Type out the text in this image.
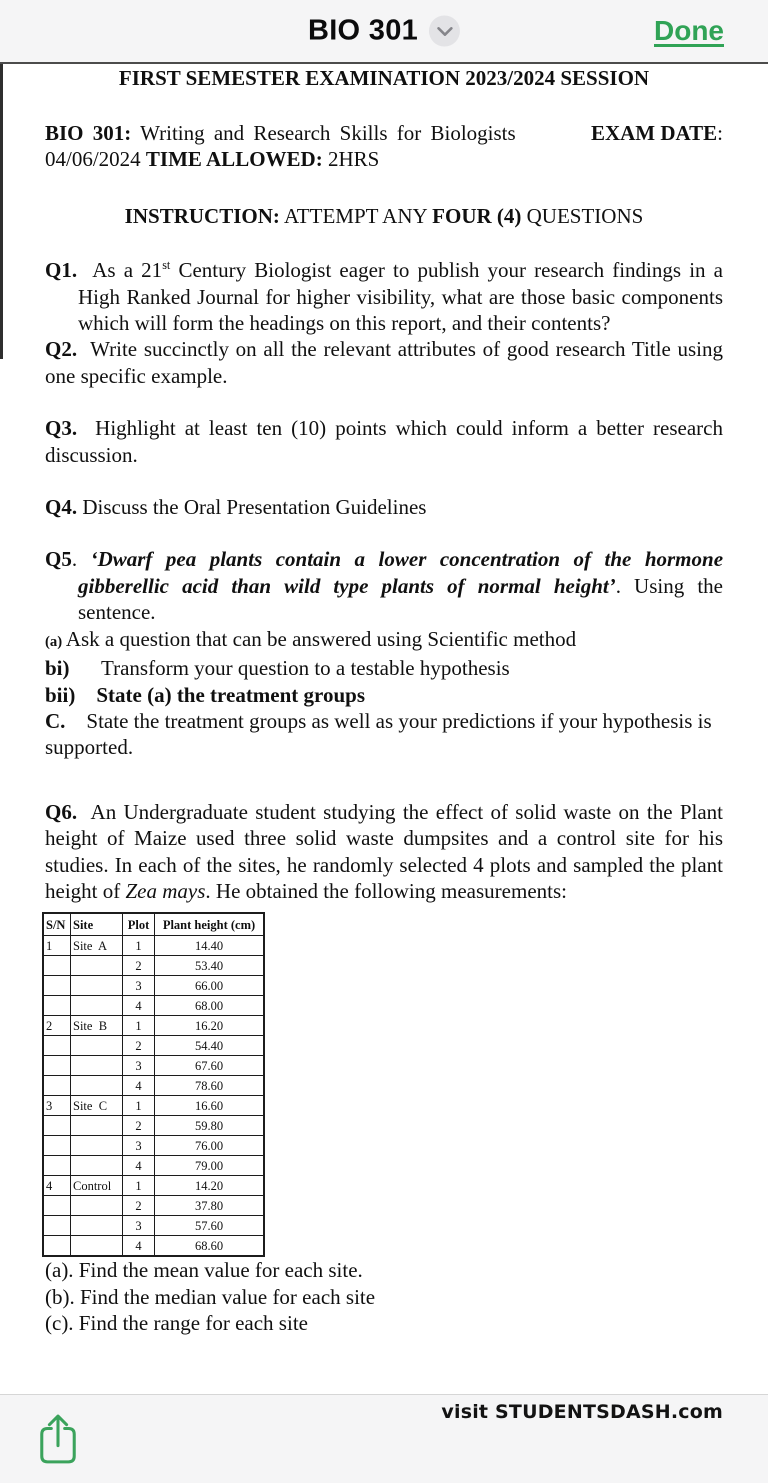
BIO 301	Done
FIRST SEMESTER EXAMINATION 2023/2024 SESSION
BIO 301: Writing and Research Skills for Biologists	EXAM DATE:
04/06/2024 TIME ALLOWED: 2HRS
INSTRUCTION: ATTEMPT ANY FOUR (4) QUESTIONS
Q1.  As a 21st Century Biologist eager to publish your research findings in a High Ranked Journal for higher visibility, what are those basic components which will form the headings on this report, and their contents?
Q2.  Write succinctly on all the relevant attributes of good research Title using one specific example.
Q3.  Highlight at least ten (10) points which could inform a better research discussion.
Q4. Discuss the Oral Presentation Guidelines
Q5. ‘Dwarf pea plants contain a lower concentration of the hormone gibberellic acid than wild type plants of normal height’. Using the sentence.
(a) Ask a question that can be answered using Scientific method
bi)      Transform your question to a testable hypothesis
bii)    State (a) the treatment groups
C.    State the treatment groups as well as your predictions if your hypothesis is supported.
Q6.  An Undergraduate student studying the effect of solid waste on the Plant height of Maize used three solid waste dumpsites and a control site for his studies. In each of the sites, he randomly selected 4 plots and sampled the plant height of Zea mays. He obtained the following measurements:
S/N	Site	Plot	Plant height (cm)
1	Site  A	1	14.40
		2	53.40
		3	66.00
		4	68.00
2	Site  B	1	16.20
		2	54.40
		3	67.60
		4	78.60
3	Site  C	1	16.60
		2	59.80
		3	76.00
		4	79.00
4	Control	1	14.20
		2	37.80
		3	57.60
		4	68.60
(a). Find the mean value for each site.
(b). Find the median value for each site
(c). Find the range for each site
visit STUDENTSDASH.com
